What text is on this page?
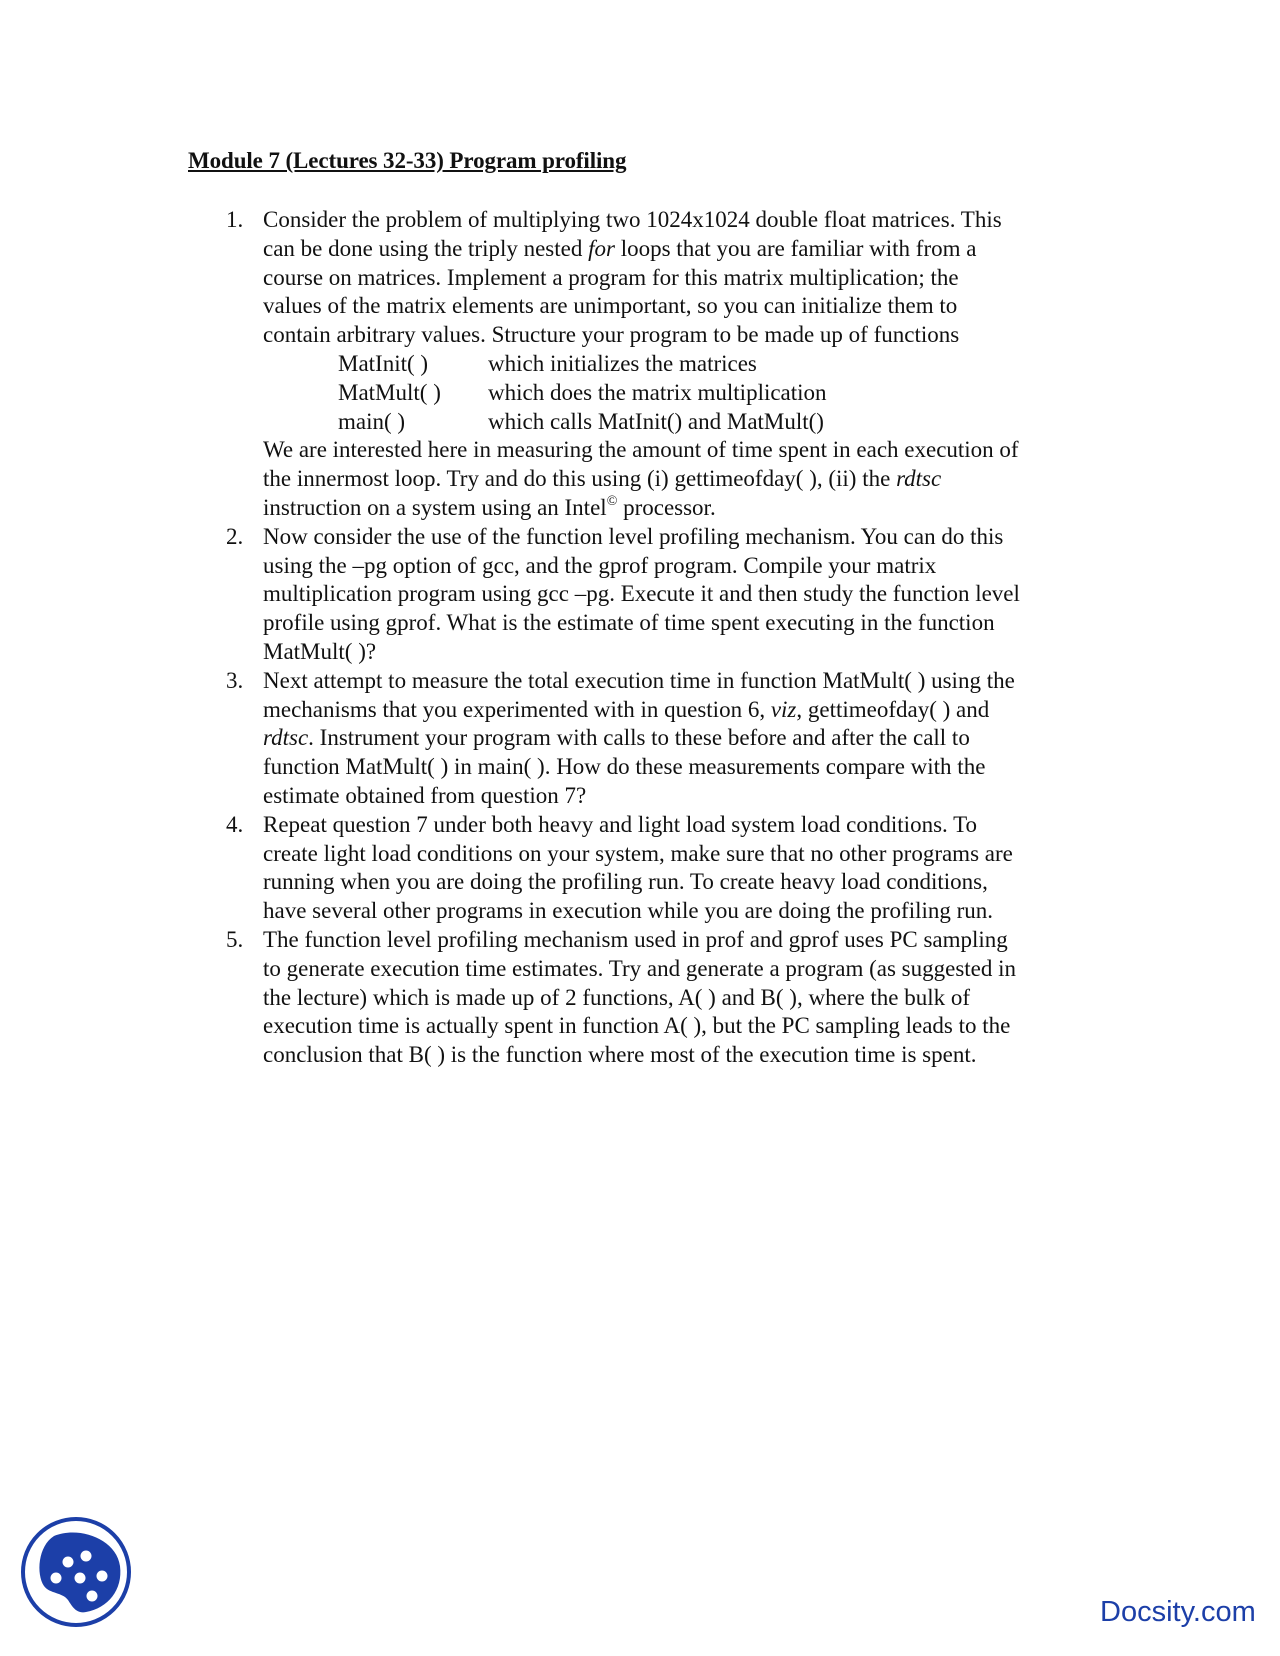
Module 7 (Lectures 32-33) Program profiling
1. Consider the problem of multiplying two 1024x1024 double float matrices. This
can be done using the triply nested for loops that you are familiar with from a
course on matrices. Implement a program for this matrix multiplication; the
values of the matrix elements are unimportant, so you can initialize them to
contain arbitrary values. Structure your program to be made up of functions
MatInit( )	which initializes the matrices
MatMult( )	which does the matrix multiplication
main( )	which calls MatInit() and MatMult()
We are interested here in measuring the amount of time spent in each execution of
the innermost loop. Try and do this using (i) gettimeofday( ), (ii) the rdtsc
instruction on a system using an Intel© processor.
2. Now consider the use of the function level profiling mechanism. You can do this
using the –pg option of gcc, and the gprof program. Compile your matrix
multiplication program using gcc –pg. Execute it and then study the function level
profile using gprof. What is the estimate of time spent executing in the function
MatMult( )?
3. Next attempt to measure the total execution time in function MatMult( ) using the
mechanisms that you experimented with in question 6, viz, gettimeofday( ) and
rdtsc. Instrument your program with calls to these before and after the call to
function MatMult( ) in main( ). How do these measurements compare with the
estimate obtained from question 7?
4. Repeat question 7 under both heavy and light load system load conditions. To
create light load conditions on your system, make sure that no other programs are
running when you are doing the profiling run. To create heavy load conditions,
have several other programs in execution while you are doing the profiling run.
5. The function level profiling mechanism used in prof and gprof uses PC sampling
to generate execution time estimates. Try and generate a program (as suggested in
the lecture) which is made up of 2 functions, A( ) and B( ), where the bulk of
execution time is actually spent in function A( ), but the PC sampling leads to the
conclusion that B( ) is the function where most of the execution time is spent.
Docsity.com
